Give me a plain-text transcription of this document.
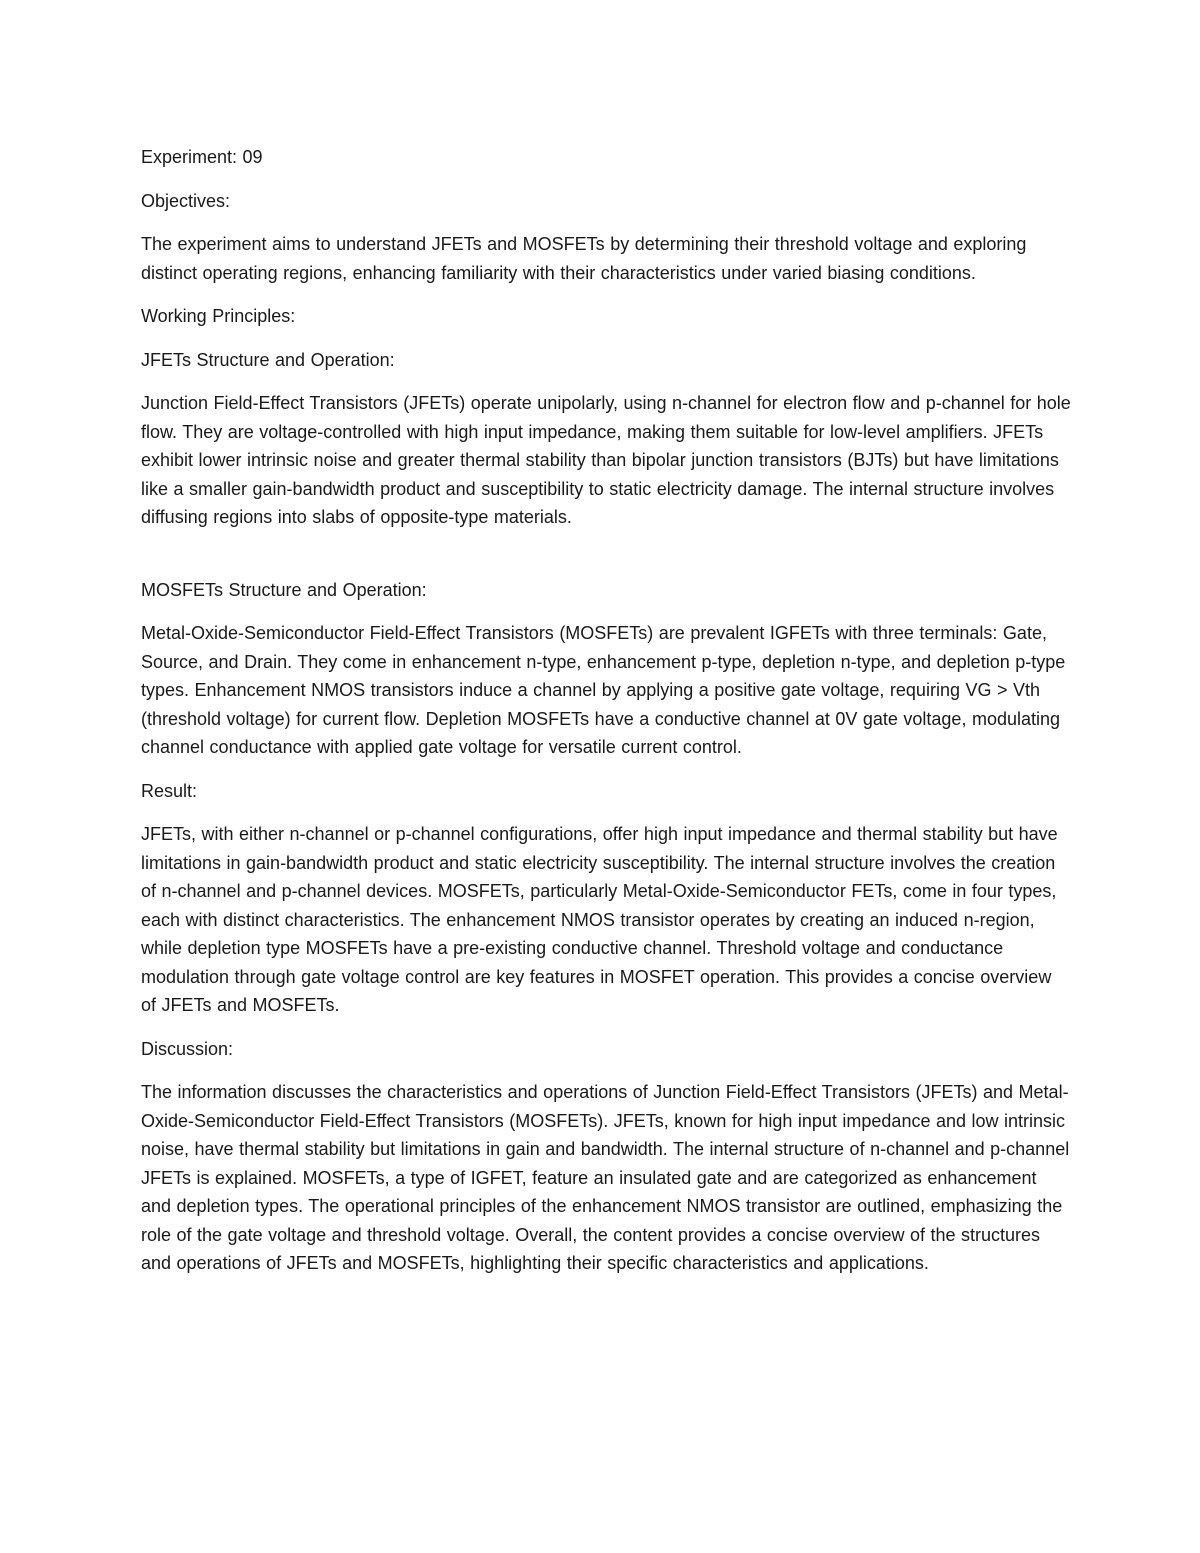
Experiment: 09

Objectives:

The experiment aims to understand JFETs and MOSFETs by determining their threshold voltage and exploring distinct operating regions, enhancing familiarity with their characteristics under varied biasing conditions.

Working Principles:

JFETs Structure and Operation:

Junction Field-Effect Transistors (JFETs) operate unipolarly, using n-channel for electron flow and p-channel for hole flow. They are voltage-controlled with high input impedance, making them suitable for low-level amplifiers. JFETs exhibit lower intrinsic noise and greater thermal stability than bipolar junction transistors (BJTs) but have limitations like a smaller gain-bandwidth product and susceptibility to static electricity damage. The internal structure involves diffusing regions into slabs of opposite-type materials.

MOSFETs Structure and Operation:

Metal-Oxide-Semiconductor Field-Effect Transistors (MOSFETs) are prevalent IGFETs with three terminals: Gate, Source, and Drain. They come in enhancement n-type, enhancement p-type, depletion n-type, and depletion p-type types. Enhancement NMOS transistors induce a channel by applying a positive gate voltage, requiring VG > Vth (threshold voltage) for current flow. Depletion MOSFETs have a conductive channel at 0V gate voltage, modulating channel conductance with applied gate voltage for versatile current control.

Result:

JFETs, with either n-channel or p-channel configurations, offer high input impedance and thermal stability but have limitations in gain-bandwidth product and static electricity susceptibility. The internal structure involves the creation of n-channel and p-channel devices. MOSFETs, particularly Metal-Oxide-Semiconductor FETs, come in four types, each with distinct characteristics. The enhancement NMOS transistor operates by creating an induced n-region, while depletion type MOSFETs have a pre-existing conductive channel. Threshold voltage and conductance modulation through gate voltage control are key features in MOSFET operation. This provides a concise overview of JFETs and MOSFETs.

Discussion:

The information discusses the characteristics and operations of Junction Field-Effect Transistors (JFETs) and Metal-Oxide-Semiconductor Field-Effect Transistors (MOSFETs). JFETs, known for high input impedance and low intrinsic noise, have thermal stability but limitations in gain and bandwidth. The internal structure of n-channel and p-channel JFETs is explained. MOSFETs, a type of IGFET, feature an insulated gate and are categorized as enhancement and depletion types. The operational principles of the enhancement NMOS transistor are outlined, emphasizing the role of the gate voltage and threshold voltage. Overall, the content provides a concise overview of the structures and operations of JFETs and MOSFETs, highlighting their specific characteristics and applications.
